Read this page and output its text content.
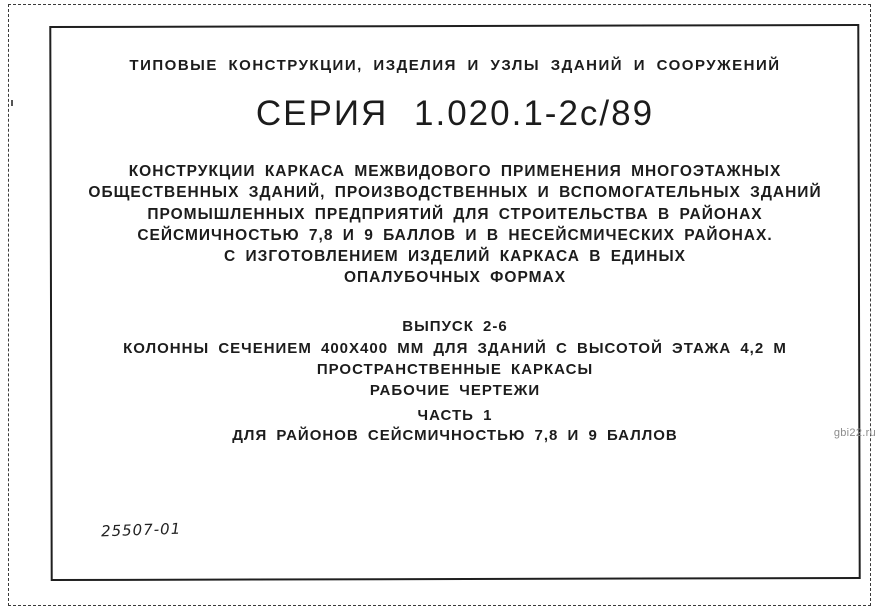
ТИПОВЫЕ КОНСТРУКЦИИ, ИЗДЕЛИЯ И УЗЛЫ ЗДАНИЙ И СООРУЖЕНИЙ
СЕРИЯ 1.020.1-2с/89
КОНСТРУКЦИИ КАРКАСА МЕЖВИДОВОГО ПРИМЕНЕНИЯ МНОГОЭТАЖНЫХ
ОБЩЕСТВЕННЫХ ЗДАНИЙ, ПРОИЗВОДСТВЕННЫХ И ВСПОМОГАТЕЛЬНЫХ ЗДАНИЙ
ПРОМЫШЛЕННЫХ ПРЕДПРИЯТИЙ ДЛЯ СТРОИТЕЛЬСТВА В РАЙОНАХ
СЕЙСМИЧНОСТЬЮ 7,8 И 9 БАЛЛОВ И В НЕСЕЙСМИЧЕСКИХ РАЙОНАХ.
С ИЗГОТОВЛЕНИЕМ ИЗДЕЛИЙ КАРКАСА В ЕДИНЫХ
ОПАЛУБОЧНЫХ ФОРМАХ
ВЫПУСК 2-6
КОЛОННЫ СЕЧЕНИЕМ 400Х400 ММ ДЛЯ ЗДАНИЙ С ВЫСОТОЙ ЭТАЖА 4,2 М
ПРОСТРАНСТВЕННЫЕ КАРКАСЫ
РАБОЧИЕ ЧЕРТЕЖИ
ЧАСТЬ 1
ДЛЯ РАЙОНОВ СЕЙСМИЧНОСТЬЮ 7,8 И 9 БАЛЛОВ
25507-01
gbi22.ru
